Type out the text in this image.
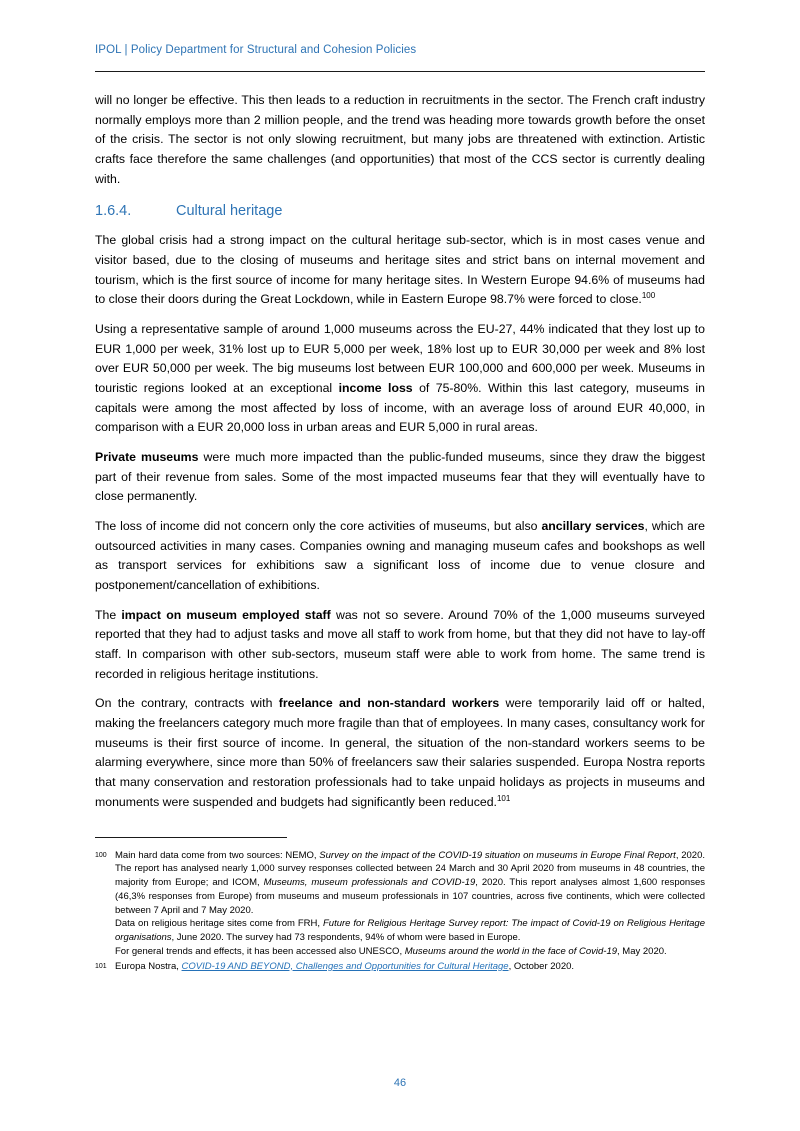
IPOL | Policy Department for Structural and Cohesion Policies

will no longer be effective. This then leads to a reduction in recruitments in the sector. The French craft industry normally employs more than 2 million people, and the trend was heading more towards growth before the onset of the crisis. The sector is not only slowing recruitment, but many jobs are threatened with extinction. Artistic crafts face therefore the same challenges (and opportunities) that most of the CCS sector is currently dealing with.

1.6.4.	Cultural heritage

The global crisis had a strong impact on the cultural heritage sub-sector, which is in most cases venue and visitor based, due to the closing of museums and heritage sites and strict bans on internal movement and tourism, which is the first source of income for many heritage sites. In Western Europe 94.6% of museums had to close their doors during the Great Lockdown, while in Eastern Europe 98.7% were forced to close.$^{100}$

Using a representative sample of around 1,000 museums across the EU-27, 44% indicated that they lost up to EUR 1,000 per week, 31% lost up to EUR 5,000 per week, 18% lost up to EUR 30,000 per week and 8% lost over EUR 50,000 per week. The big museums lost between EUR 100,000 and 600,000 per week. Museums in touristic regions looked at an exceptional income loss of 75-80%. Within this last category, museums in capitals were among the most affected by loss of income, with an average loss of around EUR 40,000, in comparison with a EUR 20,000 loss in urban areas and EUR 5,000 in rural areas.

Private museums were much more impacted than the public-funded museums, since they draw the biggest part of their revenue from sales. Some of the most impacted museums fear that they will eventually have to close permanently.

The loss of income did not concern only the core activities of museums, but also ancillary services, which are outsourced activities in many cases. Companies owning and managing museum cafes and bookshops as well as transport services for exhibitions saw a significant loss of income due to venue closure and postponement/cancellation of exhibitions.

The impact on museum employed staff was not so severe. Around 70% of the 1,000 museums surveyed reported that they had to adjust tasks and move all staff to work from home, but that they did not have to lay-off staff. In comparison with other sub-sectors, museum staff were able to work from home. The same trend is recorded in religious heritage institutions.

On the contrary, contracts with freelance and non-standard workers were temporarily laid off or halted, making the freelancers category much more fragile than that of employees. In many cases, consultancy work for museums is their first source of income. In general, the situation of the non-standard workers seems to be alarming everywhere, since more than 50% of freelancers saw their salaries suspended. Europa Nostra reports that many conservation and restoration professionals had to take unpaid holidays as projects in museums and monuments were suspended and budgets had significantly been reduced.$^{101}$

100 Main hard data come from two sources: NEMO, Survey on the impact of the COVID-19 situation on museums in Europe Final Report, 2020. The report has analysed nearly 1,000 survey responses collected between 24 March and 30 April 2020 from museums in 48 countries, the majority from Europe; and ICOM, Museums, museum professionals and COVID-19, 2020. This report analyses almost 1,600 responses (46,3% responses from Europe) from museums and museum professionals in 107 countries, across five continents, which were collected between 7 April and 7 May 2020.
Data on religious heritage sites come from FRH, Future for Religious Heritage Survey report: The impact of Covid-19 on Religious Heritage organisations, June 2020. The survey had 73 respondents, 94% of whom were based in Europe.
For general trends and effects, it has been accessed also UNESCO, Museums around the world in the face of Covid-19, May 2020.
101 Europa Nostra, COVID-19 AND BEYOND, Challenges and Opportunities for Cultural Heritage, October 2020.
46
